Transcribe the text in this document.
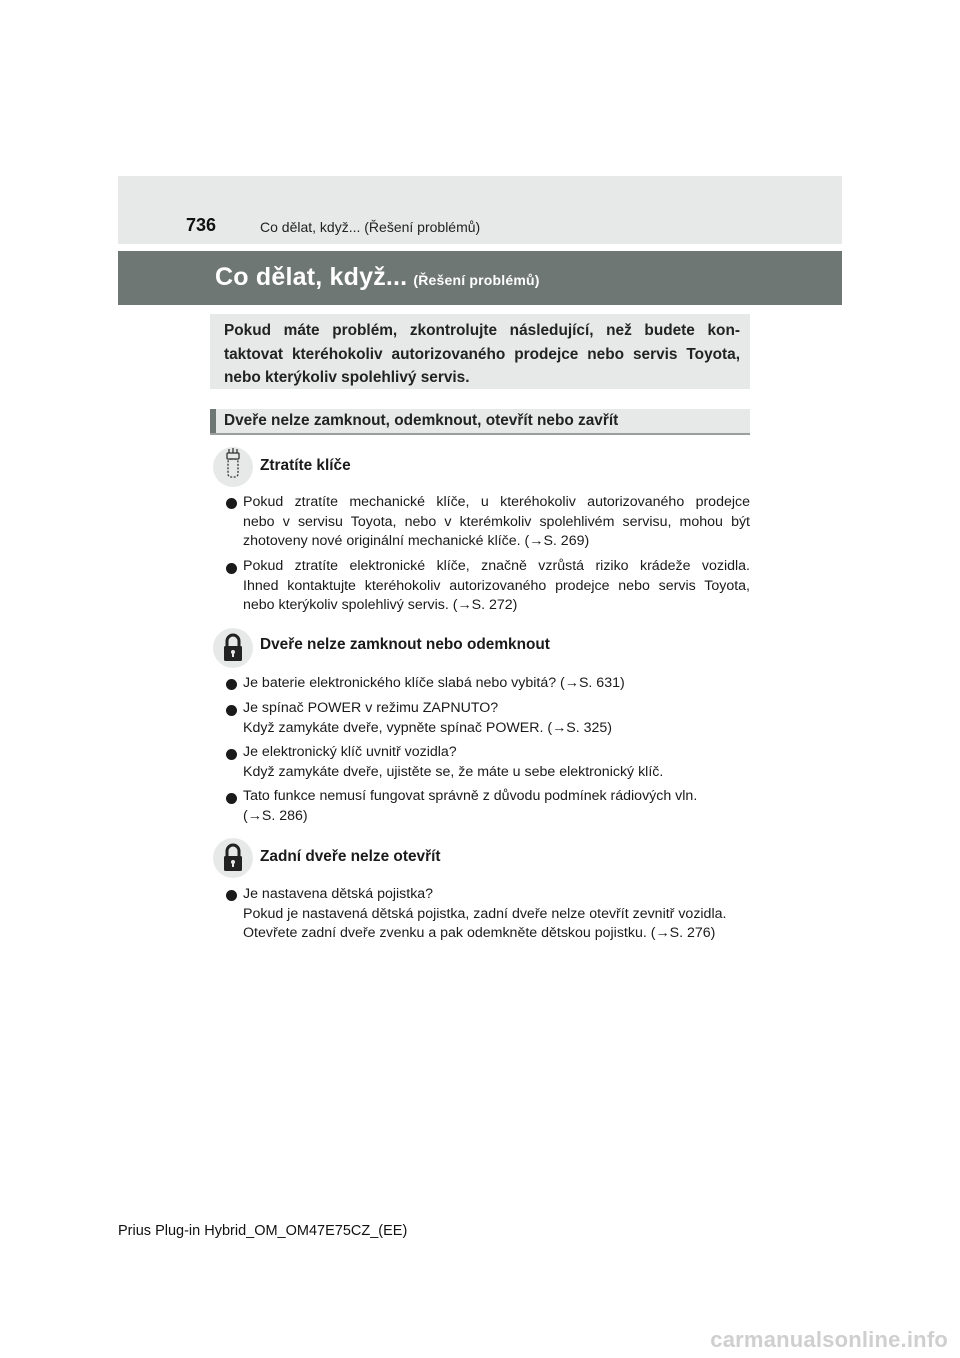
736	Co dělat, když... (Řešení problémů)
Co dělat, když... (Řešení problémů)
Pokud máte problém, zkontrolujte následující, než budete kon-
taktovat kteréhokoliv autorizovaného prodejce nebo servis Toyota,
nebo kterýkoliv spolehlivý servis.
Dveře nelze zamknout, odemknout, otevřít nebo zavřít
Ztratíte klíče
Pokud ztratíte mechanické klíče, u kteréhokoliv autorizovaného prodejce
nebo v servisu Toyota, nebo v kterémkoliv spolehlivém servisu, mohou být
zhotoveny nové originální mechanické klíče. (→S. 269)
Pokud ztratíte elektronické klíče, značně vzrůstá riziko krádeže vozidla.
Ihned kontaktujte kteréhokoliv autorizovaného prodejce nebo servis Toyota,
nebo kterýkoliv spolehlivý servis. (→S. 272)
Dveře nelze zamknout nebo odemknout
Je baterie elektronického klíče slabá nebo vybitá? (→S. 631)
Je spínač POWER v režimu ZAPNUTO?
Když zamykáte dveře, vypněte spínač POWER. (→S. 325)
Je elektronický klíč uvnitř vozidla?
Když zamykáte dveře, ujistěte se, že máte u sebe elektronický klíč.
Tato funkce nemusí fungovat správně z důvodu podmínek rádiových vln.
(→S. 286)
Zadní dveře nelze otevřít
Je nastavena dětská pojistka?
Pokud je nastavená dětská pojistka, zadní dveře nelze otevřít zevnitř vozidla.
Otevřete zadní dveře zvenku a pak odemkněte dětskou pojistku. (→S. 276)
Prius Plug-in Hybrid_OM_OM47E75CZ_(EE)
carmanualsonline.info
